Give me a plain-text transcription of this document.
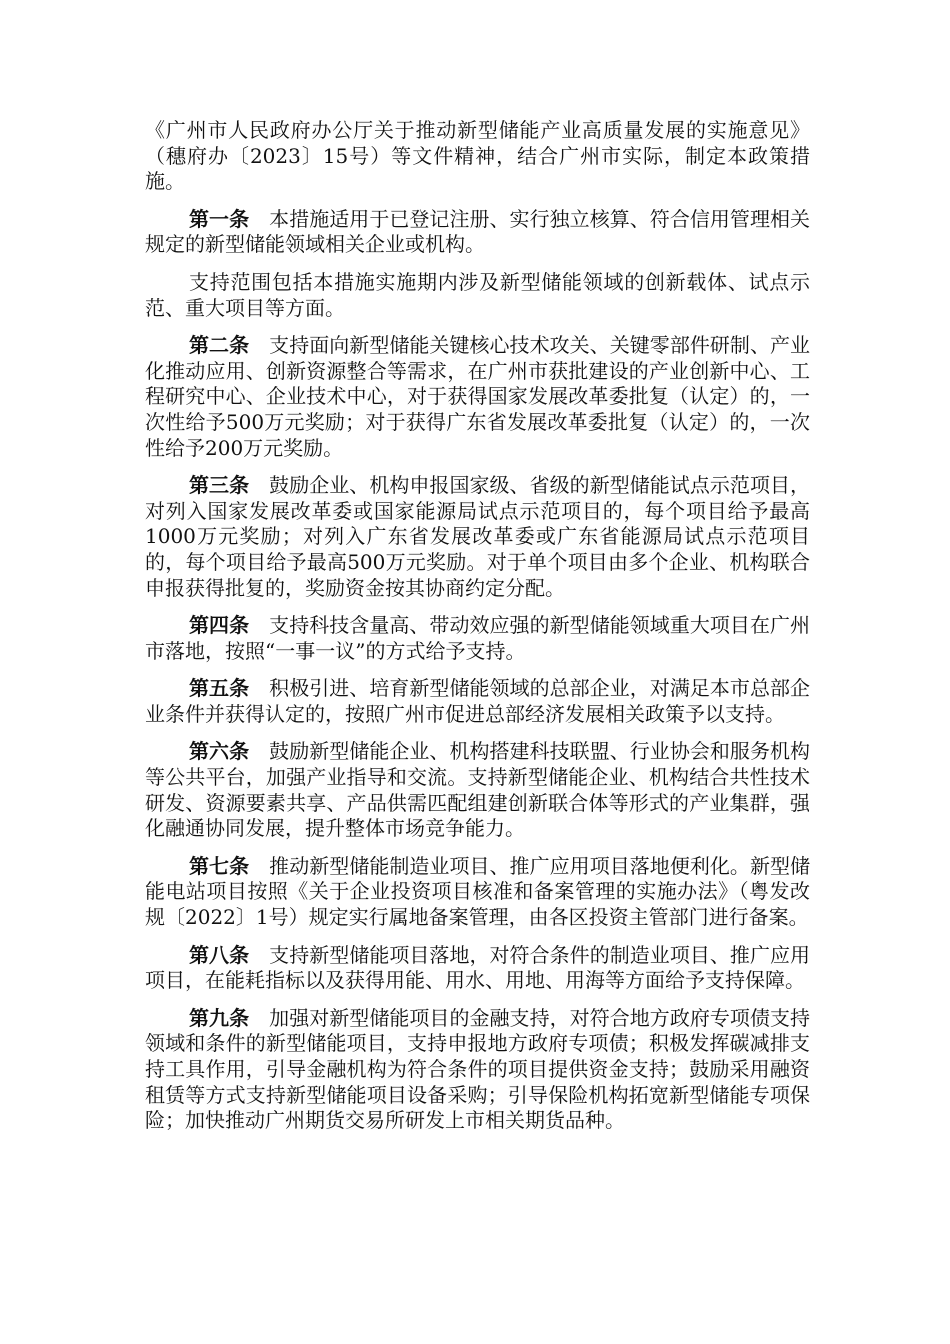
《广州市人民政府办公厅关于推动新型储能产业高质量发展的实施意见》（穗府办〔2023〕15号）等文件精神，结合广州市实际，制定本政策措施。

第一条 本措施适用于已登记注册、实行独立核算、符合信用管理相关规定的新型储能领域相关企业或机构。

支持范围包括本措施实施期内涉及新型储能领域的创新载体、试点示范、重大项目等方面。

第二条 支持面向新型储能关键核心技术攻关、关键零部件研制、产业化推动应用、创新资源整合等需求，在广州市获批建设的产业创新中心、工程研究中心、企业技术中心，对于获得国家发展改革委批复（认定）的，一次性给予500万元奖励；对于获得广东省发展改革委批复（认定）的，一次性给予200万元奖励。

第三条 鼓励企业、机构申报国家级、省级的新型储能试点示范项目，对列入国家发展改革委或国家能源局试点示范项目的，每个项目给予最高1000万元奖励；对列入广东省发展改革委或广东省能源局试点示范项目的，每个项目给予最高500万元奖励。对于单个项目由多个企业、机构联合申报获得批复的，奖励资金按其协商约定分配。

第四条 支持科技含量高、带动效应强的新型储能领域重大项目在广州市落地，按照“一事一议”的方式给予支持。

第五条 积极引进、培育新型储能领域的总部企业，对满足本市总部企业条件并获得认定的，按照广州市促进总部经济发展相关政策予以支持。

第六条 鼓励新型储能企业、机构搭建科技联盟、行业协会和服务机构等公共平台，加强产业指导和交流。支持新型储能企业、机构结合共性技术研发、资源要素共享、产品供需匹配组建创新联合体等形式的产业集群，强化融通协同发展，提升整体市场竞争能力。

第七条 推动新型储能制造业项目、推广应用项目落地便利化。新型储能电站项目按照《关于企业投资项目核准和备案管理的实施办法》（粤发改规〔2022〕1号）规定实行属地备案管理，由各区投资主管部门进行备案。

第八条 支持新型储能项目落地，对符合条件的制造业项目、推广应用项目，在能耗指标以及获得用能、用水、用地、用海等方面给予支持保障。

第九条 加强对新型储能项目的金融支持，对符合地方政府专项债支持领域和条件的新型储能项目，支持申报地方政府专项债；积极发挥碳减排支持工具作用，引导金融机构为符合条件的项目提供资金支持；鼓励采用融资租赁等方式支持新型储能项目设备采购；引导保险机构拓宽新型储能专项保险；加快推动广州期货交易所研发上市相关期货品种。
